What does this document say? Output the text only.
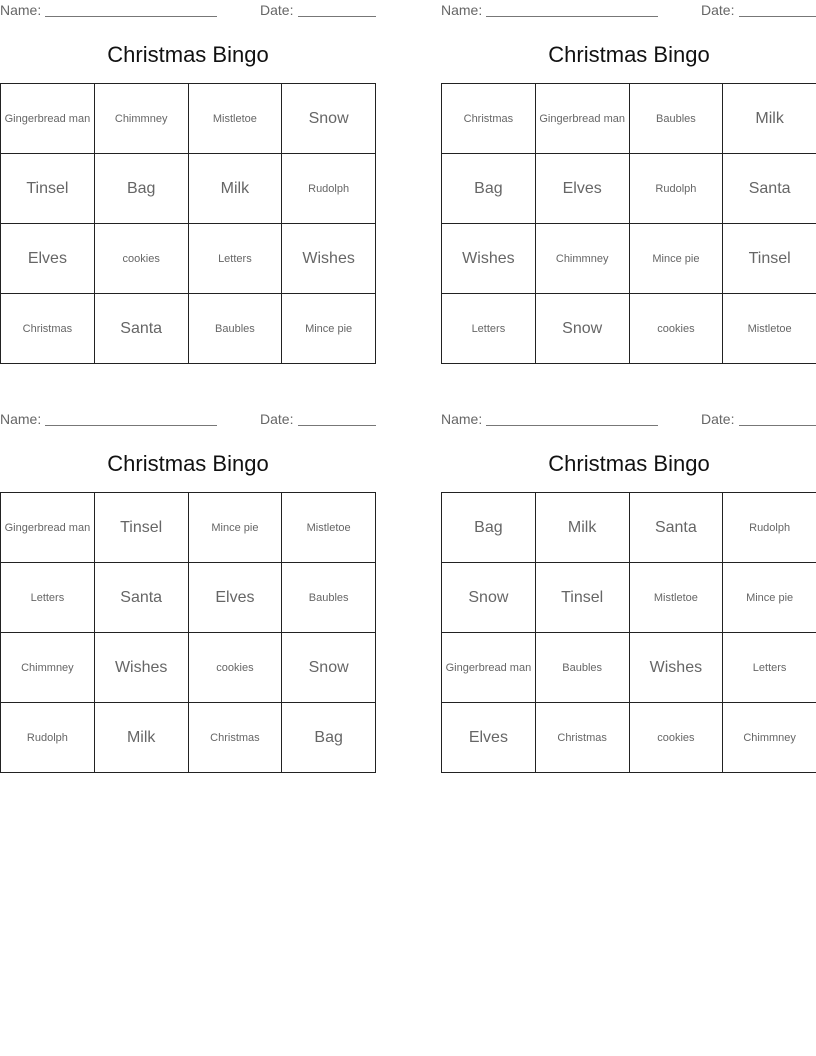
Name:	Date:
Christmas Bingo
Gingerbread man	Chimmney	Mistletoe	Snow
Tinsel	Bag	Milk	Rudolph
Elves	cookies	Letters	Wishes
Christmas	Santa	Baubles	Mince pie
Name:	Date:
Christmas Bingo
Christmas	Gingerbread man	Baubles	Milk
Bag	Elves	Rudolph	Santa
Wishes	Chimmney	Mince pie	Tinsel
Letters	Snow	cookies	Mistletoe
Name:	Date:
Christmas Bingo
Gingerbread man	Tinsel	Mince pie	Mistletoe
Letters	Santa	Elves	Baubles
Chimmney	Wishes	cookies	Snow
Rudolph	Milk	Christmas	Bag
Name:	Date:
Christmas Bingo
Bag	Milk	Santa	Rudolph
Snow	Tinsel	Mistletoe	Mince pie
Gingerbread man	Baubles	Wishes	Letters
Elves	Christmas	cookies	Chimmney
